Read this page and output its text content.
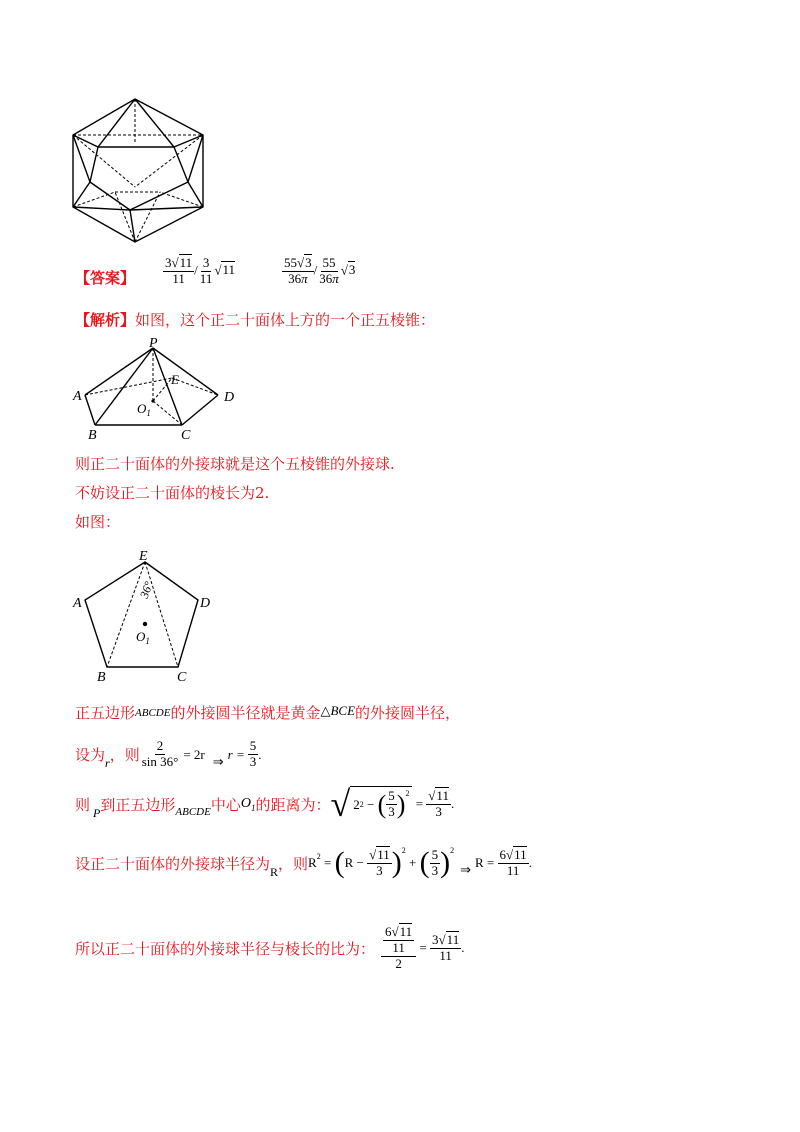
【答案】 $\frac{3√11}{11} / \frac{3}{11} √11$	$\frac{55√3}{36\pi} / \frac{55}{36\pi} √3$
【解析】如图，这个正二十面体上方的一个正五棱锥：
P
A
B	C
D
E
$O_1$
则正二十面体的外接球就是这个五棱锥的外接球.
不妨设正二十面体的棱长为2.
如图：
E
A
B	C
D
$O_1$
36°
正五边形ABCDE的外接圆半径就是黄金△BCE的外接圆半径，
设为 r ，则 $\frac{2}{\sin 36^\circ} = 2r$ ⇒ $r = \frac{5}{3}$ .
则 P 到正五边形 ABCDE 中心 $O_1$ 的距离为： √ 2 2 − ( $\frac{5}{3} )^2$
= $\frac{√11}{3}$ .
设正二十面体的外接球半径为 R ，则 R 2 = ( $R - \frac{√11}{3} )^2$
+ ( $\frac{5}{3} )^2$
⇒ R =
$\frac{6√11}{11}$ .
所以正二十面体的外接球半径与棱长的比为： $\frac{\frac{6√11}{11}}{2} = \frac{3√11}{11}$ .
